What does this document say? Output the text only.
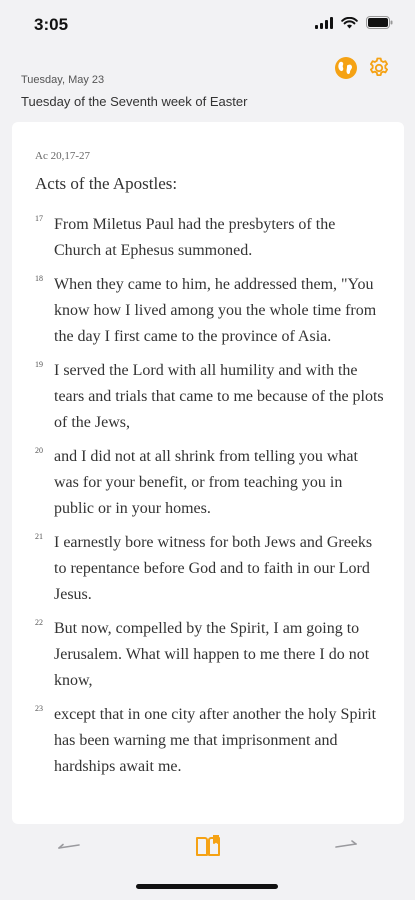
3:05
Tuesday, May 23
Tuesday of the Seventh week of Easter
Ac 20,17-27
Acts of the Apostles:
17 From Miletus Paul had the presbyters of the Church at Ephesus summoned.
18 When they came to him, he addressed them, "You know how I lived among you the whole time from the day I first came to the province of Asia.
19 I served the Lord with all humility and with the tears and trials that came to me because of the plots of the Jews,
20 and I did not at all shrink from telling you what was for your benefit, or from teaching you in public or in your homes.
21 I earnestly bore witness for both Jews and Greeks to repentance before God and to faith in our Lord Jesus.
22 But now, compelled by the Spirit, I am going to Jerusalem. What will happen to me there I do not know,
23 except that in one city after another the holy Spirit has been warning me that imprisonment and hardships await me.
